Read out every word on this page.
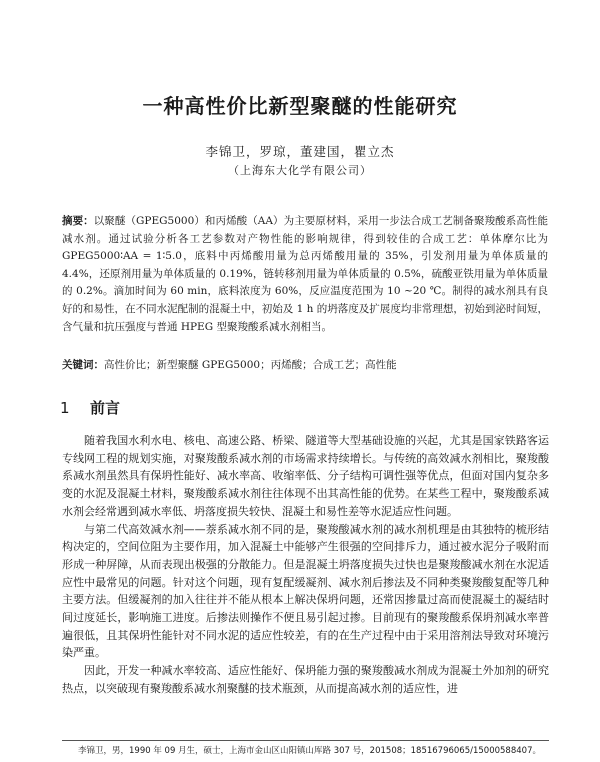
一种高性价比新型聚醚的性能研究
李锦卫，罗琼，董建国，瞿立杰
（上海东大化学有限公司）
摘要：以聚醚（GPEG5000）和丙烯酸（AA）为主要原材料，采用一步法合成工艺制备聚羧酸系高性能减水剂。通过试验分析各工艺参数对产物性能的影响规律，得到较佳的合成工艺：单体摩尔比为 GPEG5000∶AA = 1∶5.0，底料中丙烯酸用量为总丙烯酸用量的 35%，引发剂用量为单体质量的 4.4%，还原剂用量为单体质量的 0.19%，链转移剂用量为单体质量的 0.5%，硫酸亚铁用量为单体质量的 0.2%。滴加时间为 60 min，底料浓度为 60%，反应温度范围为 10 ~20 ℃。制得的减水剂具有良好的和易性，在不同水泥配制的混凝土中，初始及 1 h 的坍落度及扩展度均非常理想，初始到泌时间短，含气量和抗压强度与普通 HPEG 型聚羧酸系减水剂相当。
关键词：高性价比；新型聚醚 GPEG5000；丙烯酸；合成工艺；高性能
1 前言

随着我国水利水电、核电、高速公路、桥梁、隧道等大型基础设施的兴起，尤其是国家铁路客运专线网工程的规划实施，对聚羧酸系减水剂的市场需求持续增长。与传统的高效减水剂相比，聚羧酸系减水剂虽然具有保坍性能好、减水率高、收缩率低、分子结构可调性强等优点，但面对国内复杂多变的水泥及混凝土材料，聚羧酸系减水剂往往体现不出其高性能的优势。在某些工程中，聚羧酸系减水剂会经常遇到减水率低、坍落度损失较快、混凝土和易性差等水泥适应性问题。

与第二代高效减水剂——萘系减水剂不同的是，聚羧酸减水剂的减水剂机理是由其独特的梳形结构决定的，空间位阻为主要作用，加入混凝土中能够产生很强的空间排斥力，通过被水泥分子吸附而形成一种屏障，从而表现出极强的分散能力。但是混凝土坍落度损失过快也是聚羧酸减水剂在水泥适应性中最常见的问题。针对这个问题，现有复配缓凝剂、减水剂后掺法及不同种类聚羧酸复配等几种主要方法。但缓凝剂的加入往往并不能从根本上解决保坍问题，还常因掺量过高而使混凝土的凝结时间过度延长，影响施工进度。后掺法则操作不便且易引起过掺。目前现有的聚羧酸系保坍剂减水率普遍很低，且其保坍性能针对不同水泥的适应性较差，有的在生产过程中由于采用溶剂法导致对环境污染严重。

因此，开发一种减水率较高、适应性能好、保坍能力强的聚羧酸减水剂成为混凝土外加剂的研究热点，以突破现有聚羧酸系减水剂聚醚的技术瓶颈，从而提高减水剂的适应性，进

李锦卫，男，1990 年 09 月生，硕士，上海市金山区山阳镇山厍路 307 号，201508；18516796065/15000588407。
